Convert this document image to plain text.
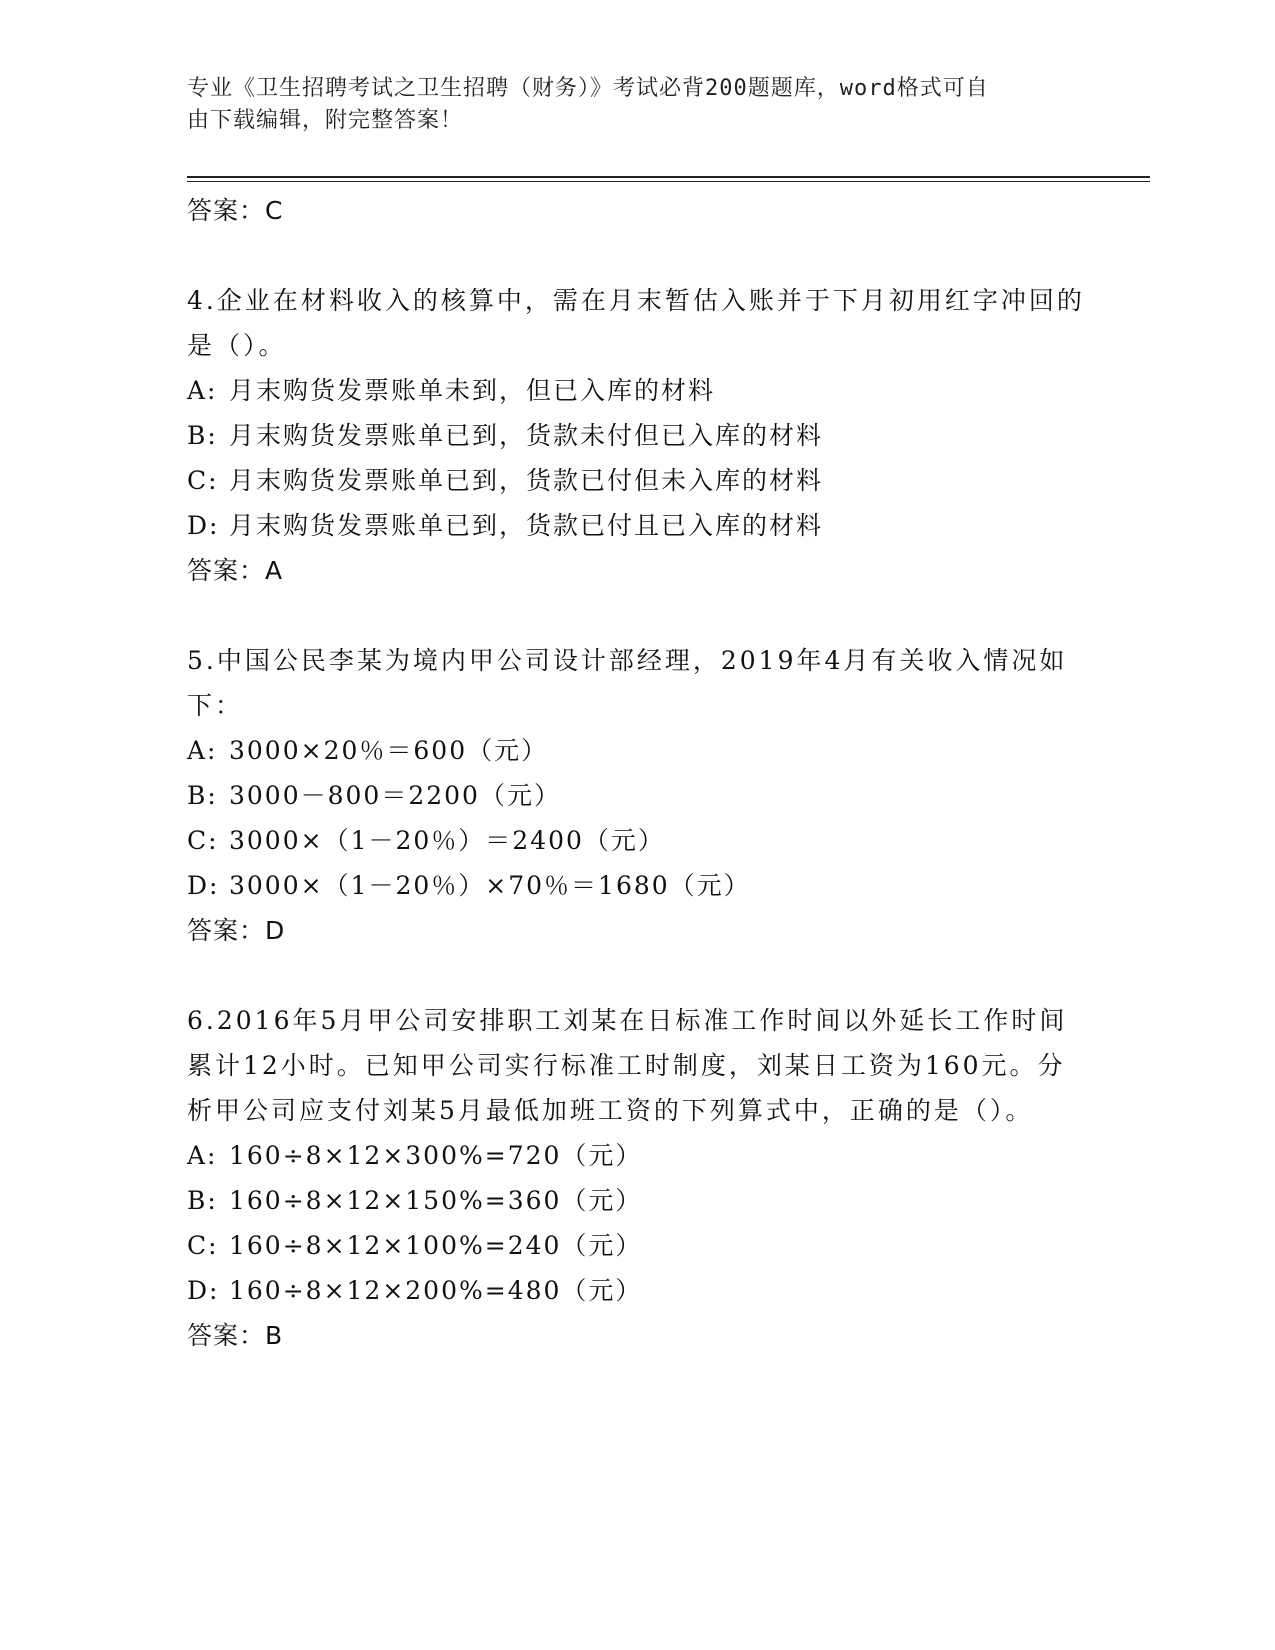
专业《卫生招聘考试之卫生招聘（财务）》考试必背200题题库，word格式可自
由下载编辑，附完整答案！

答案：C

4.企业在材料收入的核算中，需在月末暂估入账并于下月初用红字冲回的是（）。

A: 月末购货发票账单未到，但已入库的材料

B: 月末购货发票账单已到，货款未付但已入库的材料

C: 月末购货发票账单已到，货款已付但未入库的材料

D: 月末购货发票账单已到，货款已付且已入库的材料

答案：A

5.中国公民李某为境内甲公司设计部经理，2019年4月有关收入情况如下：

A: 3000×20％＝600（元）

B: 3000－800＝2200（元）

C: 3000×（1－20％）＝2400（元）

D: 3000×（1－20％）×70％＝1680（元）

答案：D

6.2016年5月甲公司安排职工刘某在日标准工作时间以外延长工作时间累计12小时。已知甲公司实行标准工时制度，刘某日工资为160元。分析甲公司应支付刘某5月最低加班工资的下列算式中，正确的是（）。

A: 160÷8×12×300%=720（元）

B: 160÷8×12×150%=360（元）

C: 160÷8×12×100%=240（元）

D: 160÷8×12×200%=480（元）

答案：B
